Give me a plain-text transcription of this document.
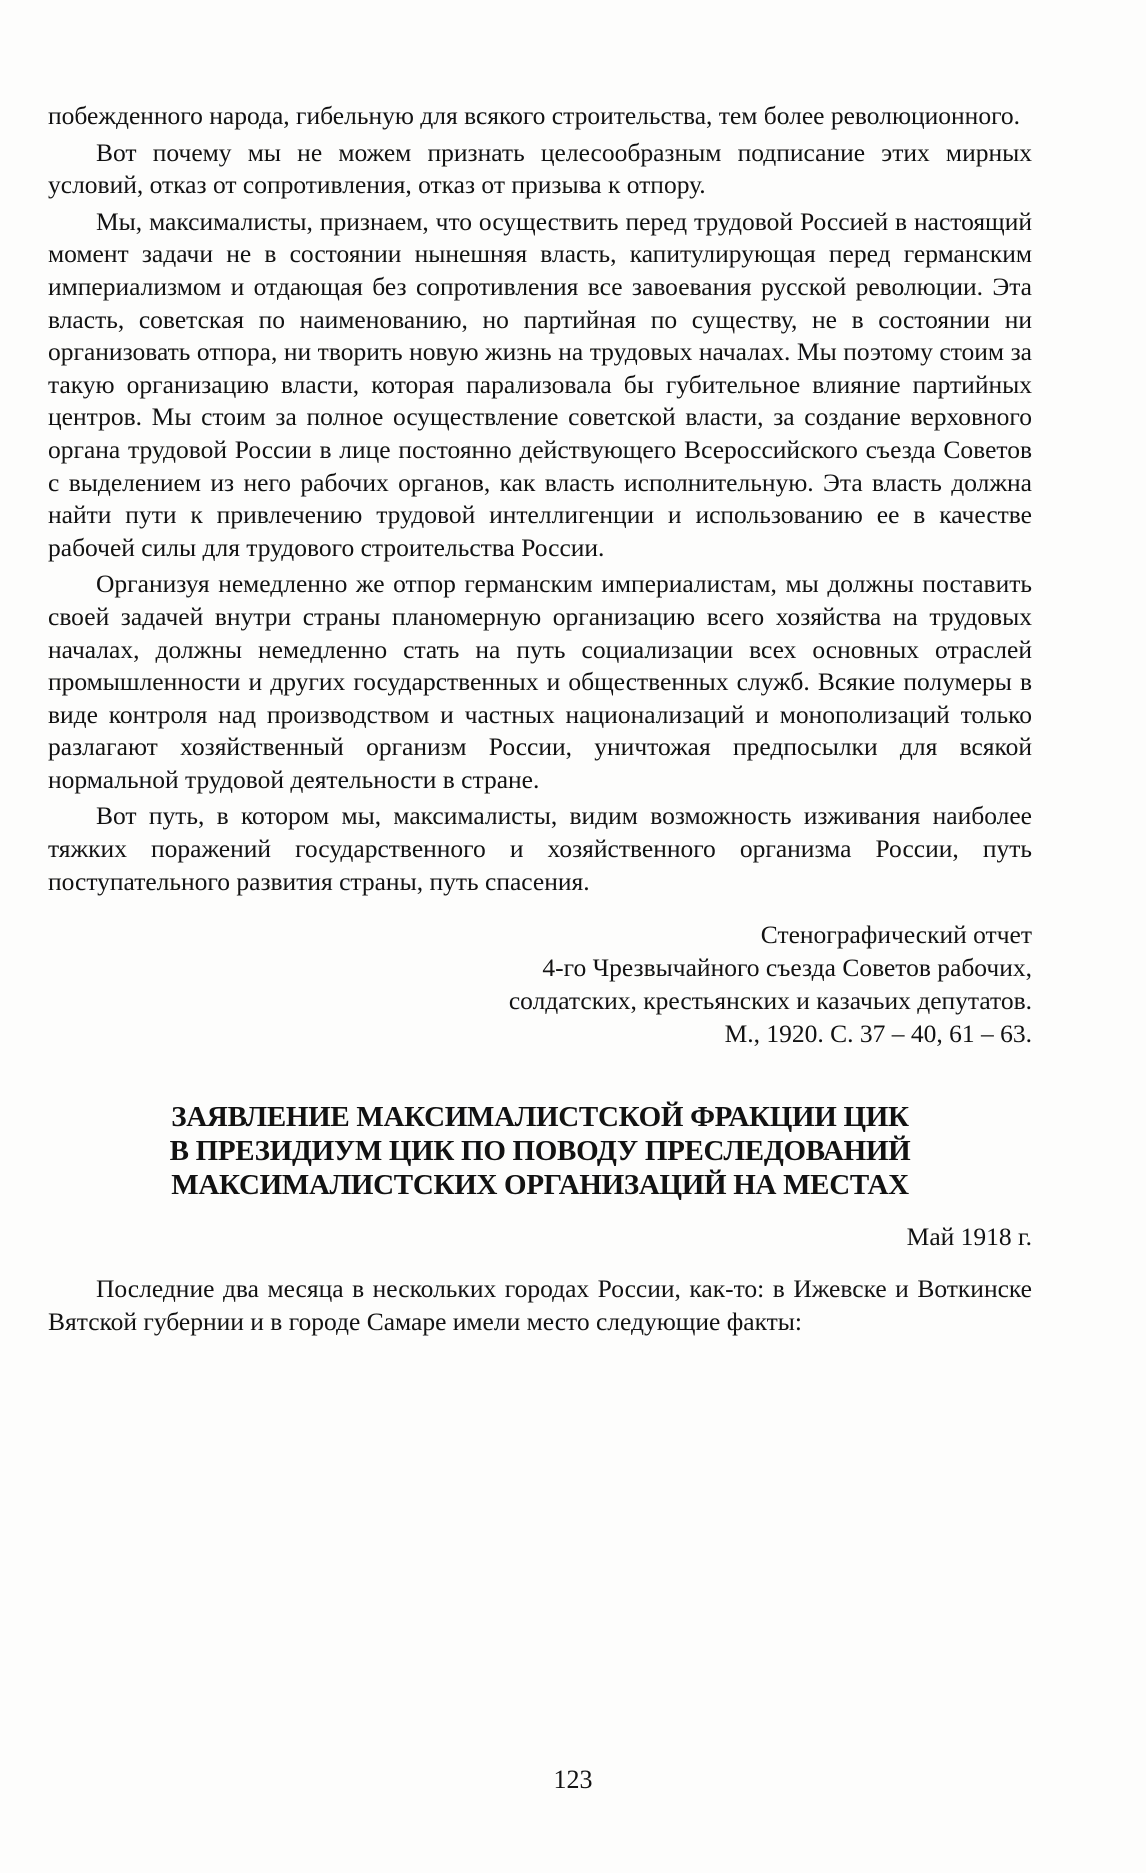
побежденного народа, гибельную для всякого строительства, тем более революционного.

Вот почему мы не можем признать целесообразным подписание этих мирных условий, отказ от сопротивления, отказ от призыва к отпору.

Мы, максималисты, признаем, что осуществить перед трудовой Россией в настоящий момент задачи не в состоянии нынешняя власть, капитулирующая перед германским империализмом и отдающая без сопротивления все завоевания русской революции. Эта власть, советская по наименованию, но партийная по существу, не в состоянии ни организовать отпора, ни творить новую жизнь на трудовых началах. Мы поэтому стоим за такую организацию власти, которая парализовала бы губительное влияние партийных центров. Мы стоим за полное осуществление советской власти, за создание верховного органа трудовой России в лице постоянно действующего Всероссийского съезда Советов с выделением из него рабочих органов, как власть исполнительную. Эта власть должна найти пути к привлечению трудовой интеллигенции и использованию ее в качестве рабочей силы для трудового строительства России.

Организуя немедленно же отпор германским империалистам, мы должны поставить своей задачей внутри страны планомерную организацию всего хозяйства на трудовых началах, должны немедленно стать на путь социализации всех основных отраслей промышленности и других государственных и общественных служб. Всякие полумеры в виде контроля над производством и частных национализаций и монополизаций только разлагают хозяйственный организм России, уничтожая предпосылки для всякой нормальной трудовой деятельности в стране.

Вот путь, в котором мы, максималисты, видим возможность изживания наиболее тяжких поражений государственного и хозяйственного организма России, путь поступательного развития страны, путь спасения.

Стенографический отчет
4-го Чрезвычайного съезда Советов рабочих,
солдатских, крестьянских и казачьих депутатов.
М., 1920. С. 37 – 40, 61 – 63.
ЗАЯВЛЕНИЕ МАКСИМАЛИСТСКОЙ ФРАКЦИИ ЦИК
В ПРЕЗИДИУМ ЦИК ПО ПОВОДУ ПРЕСЛЕДОВАНИЙ
МАКСИМАЛИСТСКИХ ОРГАНИЗАЦИЙ НА МЕСТАХ
Май 1918 г.

Последние два месяца в нескольких городах России, как-то: в Ижевске и Воткинске Вятской губернии и в городе Самаре имели место следующие факты:

123
